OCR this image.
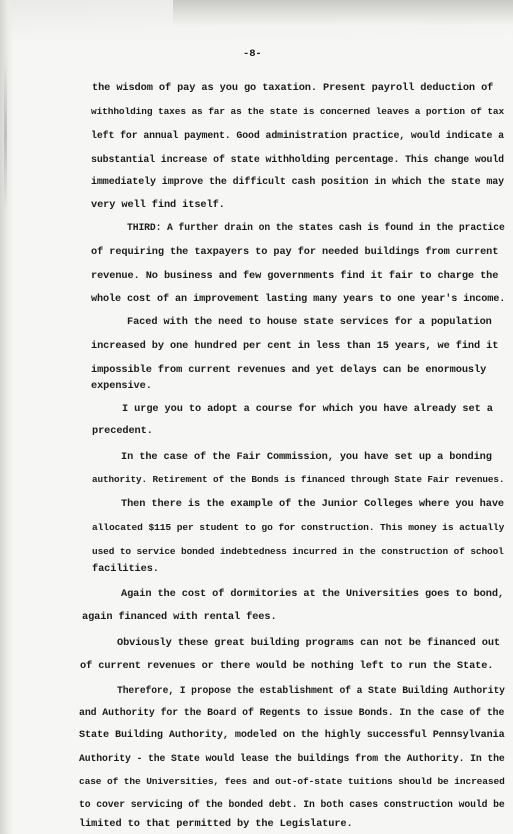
-8-
the wisdom of pay as you go taxation. Present payroll deduction of
withholding taxes as far as the state is concerned leaves a portion of tax
left for annual payment. Good administration practice, would indicate a
substantial increase of state withholding percentage. This change would
immediately improve the difficult cash position in which the state may
very well find itself.
THIRD: A further drain on the states cash is found in the practice
of requiring the taxpayers to pay for needed buildings from current
revenue. No business and few governments find it fair to charge the
whole cost of an improvement lasting many years to one year's income.
Faced with the need to house state services for a population
increased by one hundred per cent in less than 15 years, we find it
impossible from current revenues and yet delays can be enormously
expensive.
I urge you to adopt a course for which you have already set a
precedent.
In the case of the Fair Commission, you have set up a bonding
authority. Retirement of the Bonds is financed through State Fair revenues.
Then there is the example of the Junior Colleges where you have
allocated $115 per student to go for construction. This money is actually
used to service bonded indebtedness incurred in the construction of school
facilities.
Again the cost of dormitories at the Universities goes to bond,
again financed with rental fees.
Obviously these great building programs can not be financed out
of current revenues or there would be nothing left to run the State.
Therefore, I propose the establishment of a State Building Authority
and Authority for the Board of Regents to issue Bonds. In the case of the
State Building Authority, modeled on the highly successful Pennsylvania
Authority - the State would lease the buildings from the Authority. In the
case of the Universities, fees and out-of-state tuitions should be increased
to cover servicing of the bonded debt. In both cases construction would be
limited to that permitted by the Legislature.
